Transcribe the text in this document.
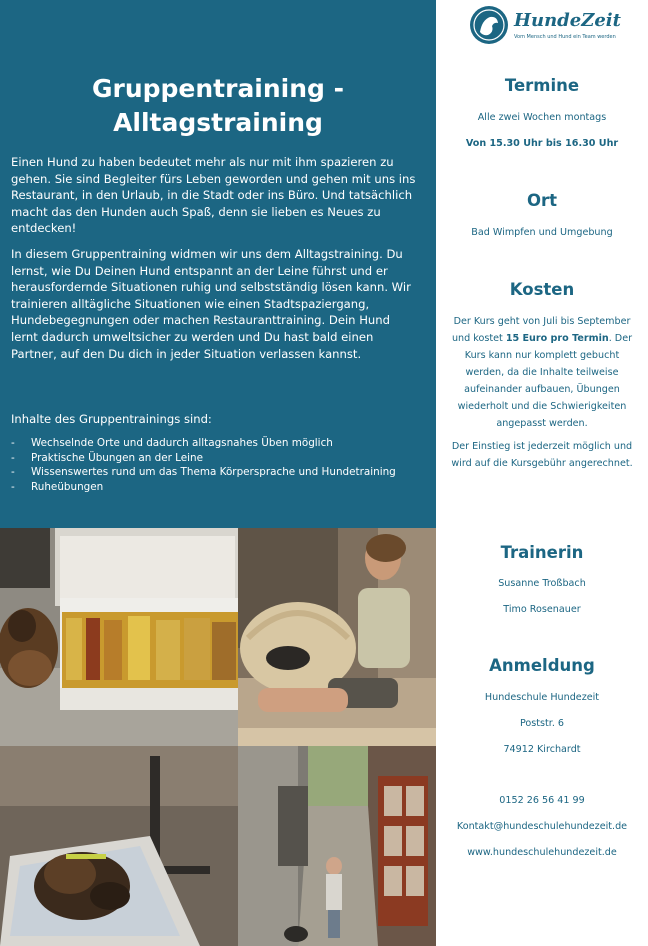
Gruppentraining -
Alltagstraining

Einen Hund zu haben bedeutet mehr als nur mit ihm spazieren zu gehen. Sie sind Begleiter fürs Leben geworden und gehen mit uns ins Restaurant, in den Urlaub, in die Stadt oder ins Büro. Und tatsächlich macht das den Hunden auch Spaß, denn sie lieben es Neues zu entdecken!

In diesem Gruppentraining widmen wir uns dem Alltagstraining. Du lernst, wie Du Deinen Hund entspannt an der Leine führst und er herausfordernde Situationen ruhig und selbstständig lösen kann. Wir trainieren alltägliche Situationen wie einen Stadtspaziergang, Hundebegegnungen oder machen Restauranttraining. Dein Hund lernt dadurch umweltsicher zu werden und Du hast bald einen Partner, auf den Du dich in jeder Situation verlassen kannst.

Inhalte des Gruppentrainings sind:

- Wechselnde Orte und dadurch alltagsnahes Üben möglich
- Praktische Übungen an der Leine
- Wissenswertes rund um das Thema Körpersprache und Hundetraining
- Ruheübungen
HundeZeit
Vom Mensch und Hund ein Team werden
Termine

Alle zwei Wochen montags

Von 15.30 Uhr bis 16.30 Uhr

Ort

Bad Wimpfen und Umgebung

Kosten

Der Kurs geht von Juli bis September und kostet 15 Euro pro Termin. Der Kurs kann nur komplett gebucht werden, da die Inhalte teilweise aufeinander aufbauen, Übungen wiederholt und die Schwierigkeiten angepasst werden.

Der Einstieg ist jederzeit möglich und wird auf die Kursgebühr angerechnet.

Trainerin

Susanne Troßbach

Timo Rosenauer

Anmeldung

Hundeschule Hundezeit

Poststr. 6

74912 Kirchardt

0152 26 56 41 99

Kontakt@hundeschulehundezeit.de

www.hundeschulehundezeit.de
